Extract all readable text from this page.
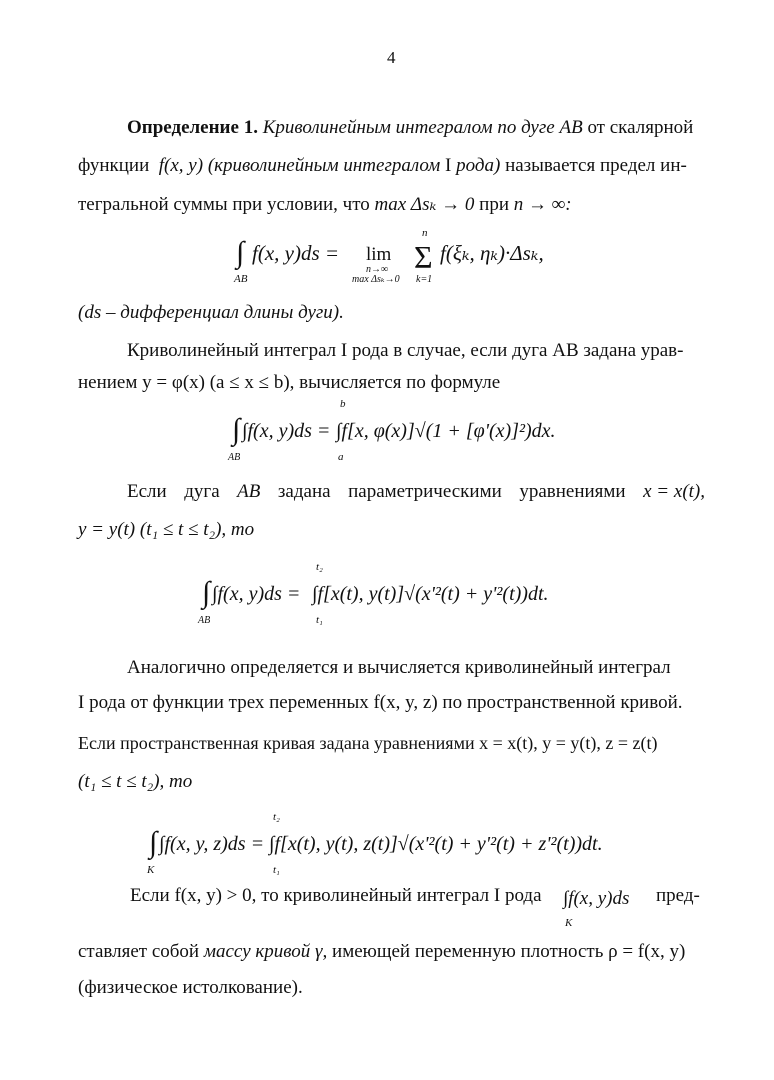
4
Определение 1. Криволинейным интегралом по дуге AB от скалярной
функции f(x, y) (криволинейным интегралом I рода) называется предел ин-
тегральной суммы при условии, что max Δsₖ → 0 при n → ∞:
∫
AB
f(x, y)ds = lim
n→∞
max Δsₖ→0
Σ
n
k=1
f(ξₖ, ηₖ)·Δsₖ,
(ds – дифференциал длины дуги).
Криволинейный интеграл I рода в случае, если дуга AB задана урав-
нением y = φ(x) (a ≤ x ≤ b), вычисляется по формуле
∫
AB
∫f(x, y)ds =
b
a
∫f[x, φ(x)]√(1 + [φ'(x)]²)dx.
Если дуга AB задана параметрическими уравнениями x = x(t),
y = y(t) (t₁ ≤ t ≤ t₂), то
∫
AB
∫f(x, y)ds =
t₂
t₁
∫f[x(t), y(t)]√(x'²(t) + y'²(t))dt.
Аналогично определяется и вычисляется криволинейный интеграл
I рода от функции трех переменных f(x, y, z) по пространственной кривой.
Если пространственная кривая задана уравнениями x = x(t), y = y(t), z = z(t)
(t₁ ≤ t ≤ t₂), то
∫
K
∫f(x, y, z)ds =
t₂
t₁
∫f[x(t), y(t), z(t)]√(x'²(t) + y'²(t) + z'²(t))dt.
Если f(x, y) > 0, то криволинейный интеграл I рода ∫f(x, y)ds
K
пред-
ставляет собой массу кривой γ, имеющей переменную плотность ρ = f(x, y)
(физическое истолкование).
